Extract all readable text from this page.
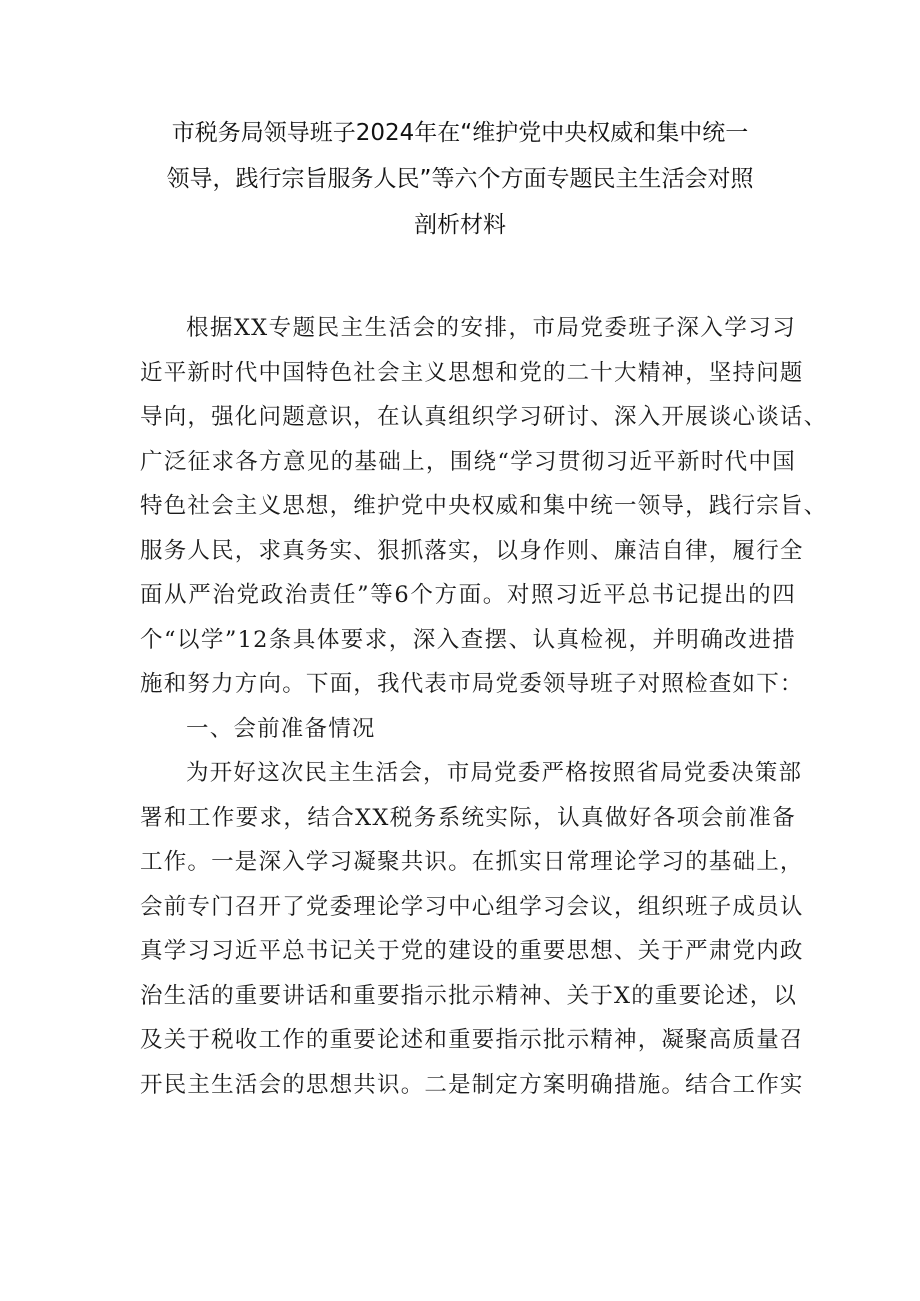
市税务局领导班子2024年在“维护党中央权威和集中统一
领导，践行宗旨服务人民”等六个方面专题民主生活会对照
剖析材料
根据XX专题民主生活会的安排，市局党委班子深入学习习
近平新时代中国特色社会主义思想和党的二十大精神，坚持问题
导向，强化问题意识，在认真组织学习研讨、深入开展谈心谈话、
广泛征求各方意见的基础上，围绕“学习贯彻习近平新时代中国
特色社会主义思想，维护党中央权威和集中统一领导，践行宗旨、
服务人民，求真务实、狠抓落实，以身作则、廉洁自律，履行全
面从严治党政治责任”等6个方面。对照习近平总书记提出的四
个“以学”12条具体要求，深入查摆、认真检视，并明确改进措
施和努力方向。下面，我代表市局党委领导班子对照检查如下：
一、会前准备情况
为开好这次民主生活会，市局党委严格按照省局党委决策部
署和工作要求，结合XX税务系统实际，认真做好各项会前准备
工作。一是深入学习凝聚共识。在抓实日常理论学习的基础上，
会前专门召开了党委理论学习中心组学习会议，组织班子成员认
真学习习近平总书记关于党的建设的重要思想、关于严肃党内政
治生活的重要讲话和重要指示批示精神、关于X的重要论述，以
及关于税收工作的重要论述和重要指示批示精神，凝聚高质量召
开民主生活会的思想共识。二是制定方案明确措施。结合工作实
